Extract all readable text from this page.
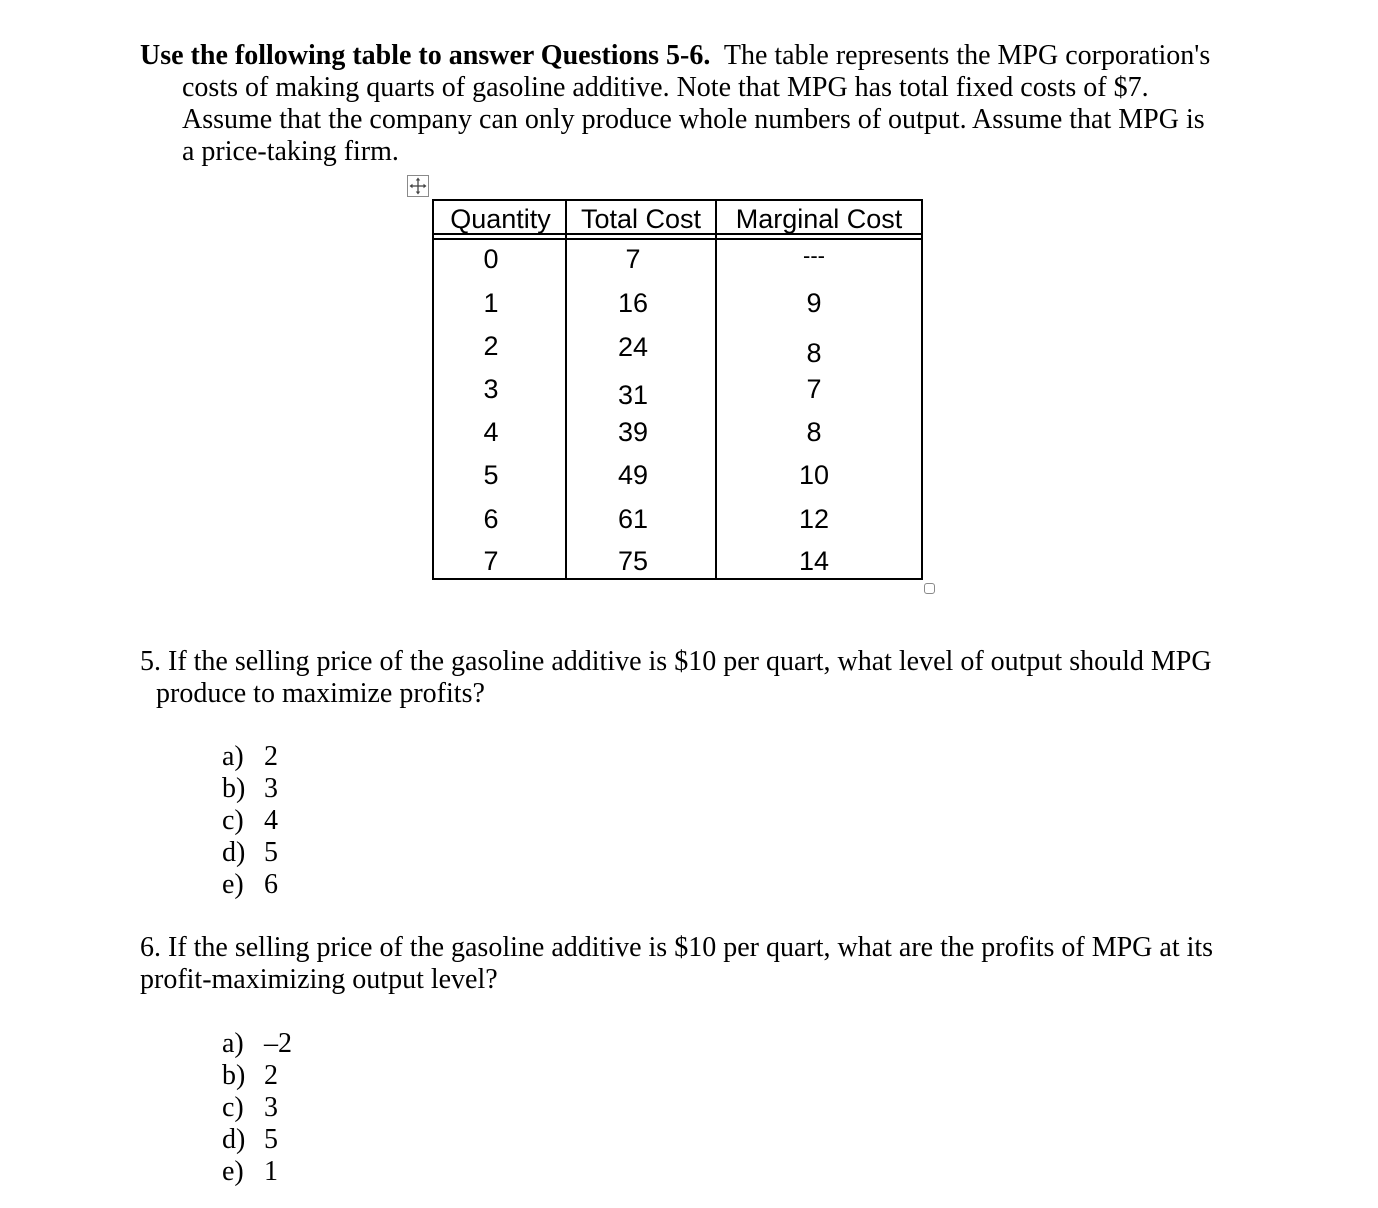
Use the following table to answer Questions 5-6.  The table represents the MPG corporation's
costs of making quarts of gasoline additive. Note that MPG has total fixed costs of $7.
Assume that the company can only produce whole numbers of output. Assume that MPG is
a price-taking firm.
Quantity	Total Cost	Marginal Cost
0
1
2
3
4
5
6
7
7
16
24
31
39
49
61
75
---
9
8
7
8
10
12
14
5. If the selling price of the gasoline additive is $10 per quart, what level of output should MPG
produce to maximize profits?
a) 2
b) 3
c) 4
d) 5
e) 6
6. If the selling price of the gasoline additive is $10 per quart, what are the profits of MPG at its
profit-maximizing output level?
a) –2
b) 2
c) 3
d) 5
e) 1
